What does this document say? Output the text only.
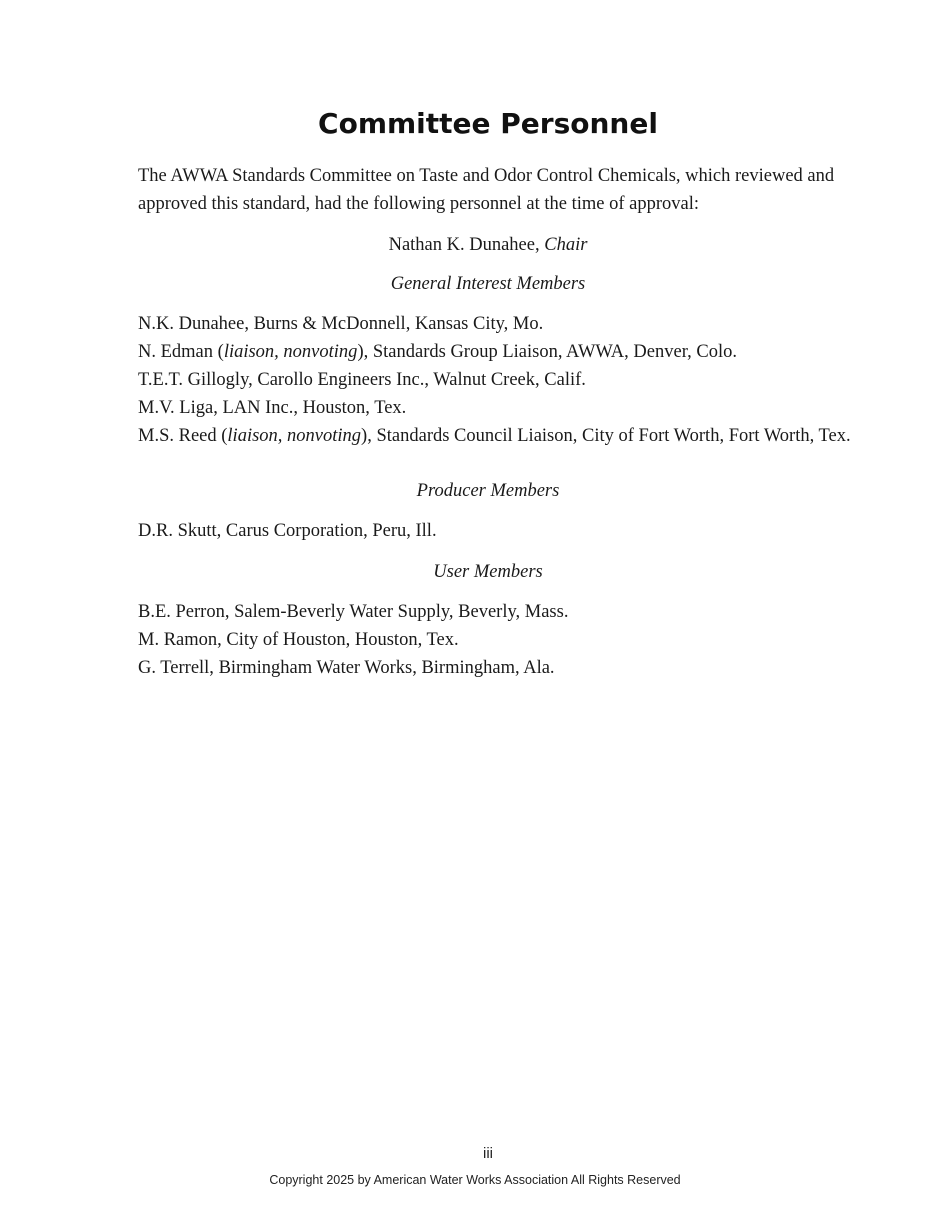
Committee Personnel

The AWWA Standards Committee on Taste and Odor Control Chemicals, which reviewed and approved this standard, had the following personnel at the time of approval:

Nathan K. Dunahee, Chair

General Interest Members

N.K. Dunahee, Burns & McDonnell, Kansas City, Mo.
N. Edman (liaison, nonvoting), Standards Group Liaison, AWWA, Denver, Colo.
T.E.T. Gillogly, Carollo Engineers Inc., Walnut Creek, Calif.
M.V. Liga, LAN Inc., Houston, Tex.
M.S. Reed (liaison, nonvoting), Standards Council Liaison, City of Fort Worth, Fort Worth, Tex.

Producer Members

D.R. Skutt, Carus Corporation, Peru, Ill.

User Members

B.E. Perron, Salem-Beverly Water Supply, Beverly, Mass.
M. Ramon, City of Houston, Houston, Tex.
G. Terrell, Birmingham Water Works, Birmingham, Ala.
iii
Copyright 2025 by American Water Works Association All Rights Reserved
